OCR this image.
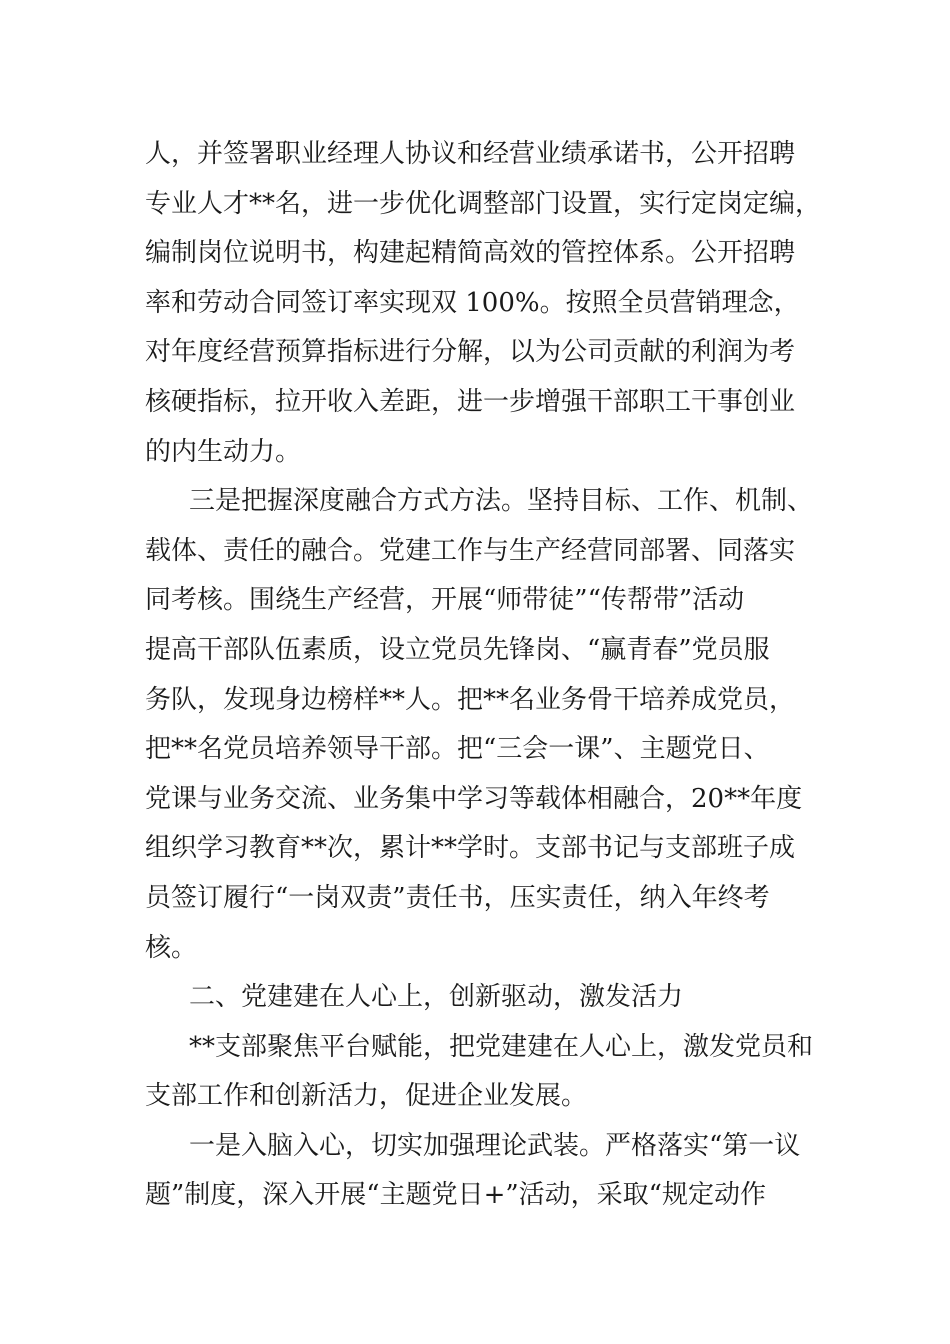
人，并签署职业经理人协议和经营业绩承诺书，公开招聘
专业人才**名，进一步优化调整部门设置，实行定岗定编，
编制岗位说明书，构建起精简高效的管控体系。公开招聘
率和劳动合同签订率实现双 100%。按照全员营销理念，
对年度经营预算指标进行分解，以为公司贡献的利润为考
核硬指标，拉开收入差距，进一步增强干部职工干事创业
的内生动力。
三是把握深度融合方式方法。坚持目标、工作、机制、
载体、责任的融合。党建工作与生产经营同部署、同落实
同考核。围绕生产经营，开展“师带徒”“传帮带”活动
提高干部队伍素质，设立党员先锋岗、“赢青春”党员服
务队，发现身边榜样**人。把**名业务骨干培养成党员，
把**名党员培养领导干部。把“三会一课”、主题党日、
党课与业务交流、业务集中学习等载体相融合，20**年度
组织学习教育**次，累计**学时。支部书记与支部班子成
员签订履行“一岗双责”责任书，压实责任，纳入年终考
核。
二、党建建在人心上，创新驱动，激发活力
**支部聚焦平台赋能，把党建建在人心上，激发党员和
支部工作和创新活力，促进企业发展。
一是入脑入心，切实加强理论武装。严格落实“第一议
题”制度，深入开展“主题党日+”活动，采取“规定动作
